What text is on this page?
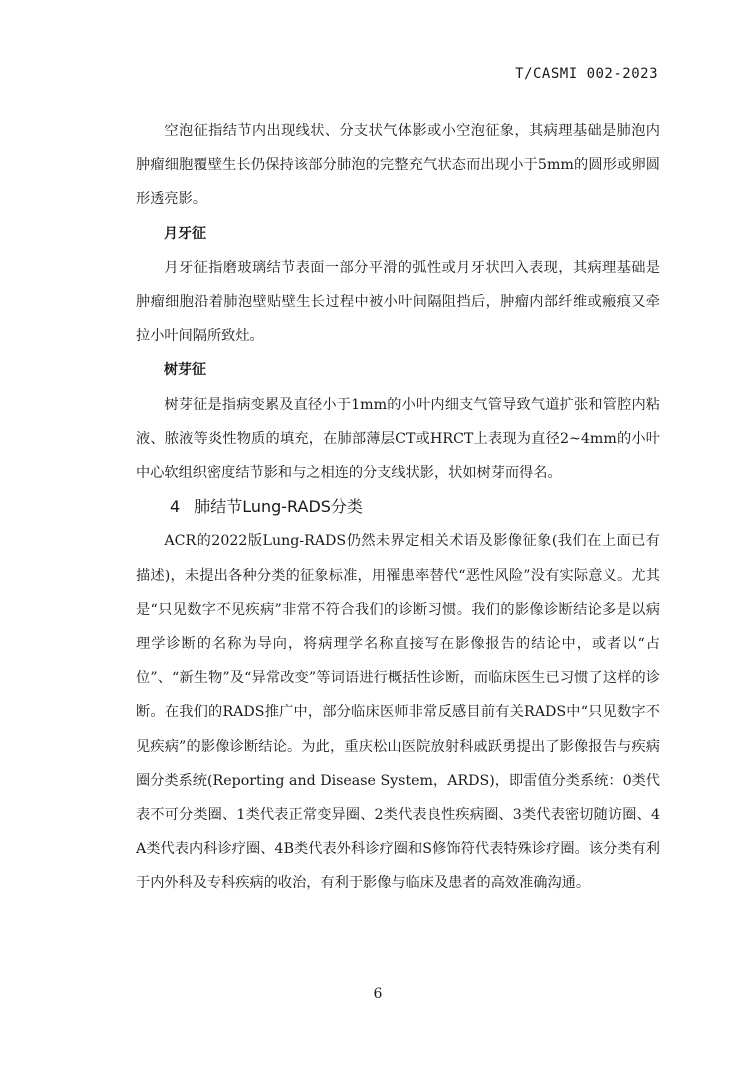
T/CASMI 002-2023

空泡征指结节内出现线状、分支状气体影或小空泡征象，其病理基础是肺泡内肿瘤细胞覆壁生长仍保持该部分肺泡的完整充气状态而出现小于5mm的圆形或卵圆形透亮影。

月牙征

月牙征指磨玻璃结节表面一部分平滑的弧性或月牙状凹入表现，其病理基础是肿瘤细胞沿着肺泡壁贴壁生长过程中被小叶间隔阻挡后，肿瘤内部纤维或瘢痕又牵拉小叶间隔所致灶。

树芽征

树芽征是指病变累及直径小于1mm的小叶内细支气管导致气道扩张和管腔内粘液、脓液等炎性物质的填充，在肺部薄层CT或HRCT上表现为直径2~4mm的小叶中心软组织密度结节影和与之相连的分支线状影，状如树芽而得名。

4 肺结节Lung-RADS分类

ACR的2022版Lung-RADS仍然未界定相关术语及影像征象(我们在上面已有描述)，未提出各种分类的征象标准，用罹患率替代“恶性风险”没有实际意义。尤其是“只见数字不见疾病”非常不符合我们的诊断习惯。我们的影像诊断结论多是以病理学诊断的名称为导向，将病理学名称直接写在影像报告的结论中，或者以“占位”、“新生物”及“异常改变”等词语进行概括性诊断，而临床医生已习惯了这样的诊断。在我们的RADS推广中，部分临床医师非常反感目前有关RADS中“只见数字不见疾病”的影像诊断结论。为此，重庆松山医院放射科戚跃勇提出了影像报告与疾病圈分类系统(Reporting and Disease System，ARDS)，即雷值分类系统：0类代表不可分类圈、1类代表正常变异圈、2类代表良性疾病圈、3类代表密切随访圈、4A类代表内科诊疗圈、4B类代表外科诊疗圈和S修饰符代表特殊诊疗圈。该分类有利于内外科及专科疾病的收治，有利于影像与临床及患者的高效准确沟通。

6
